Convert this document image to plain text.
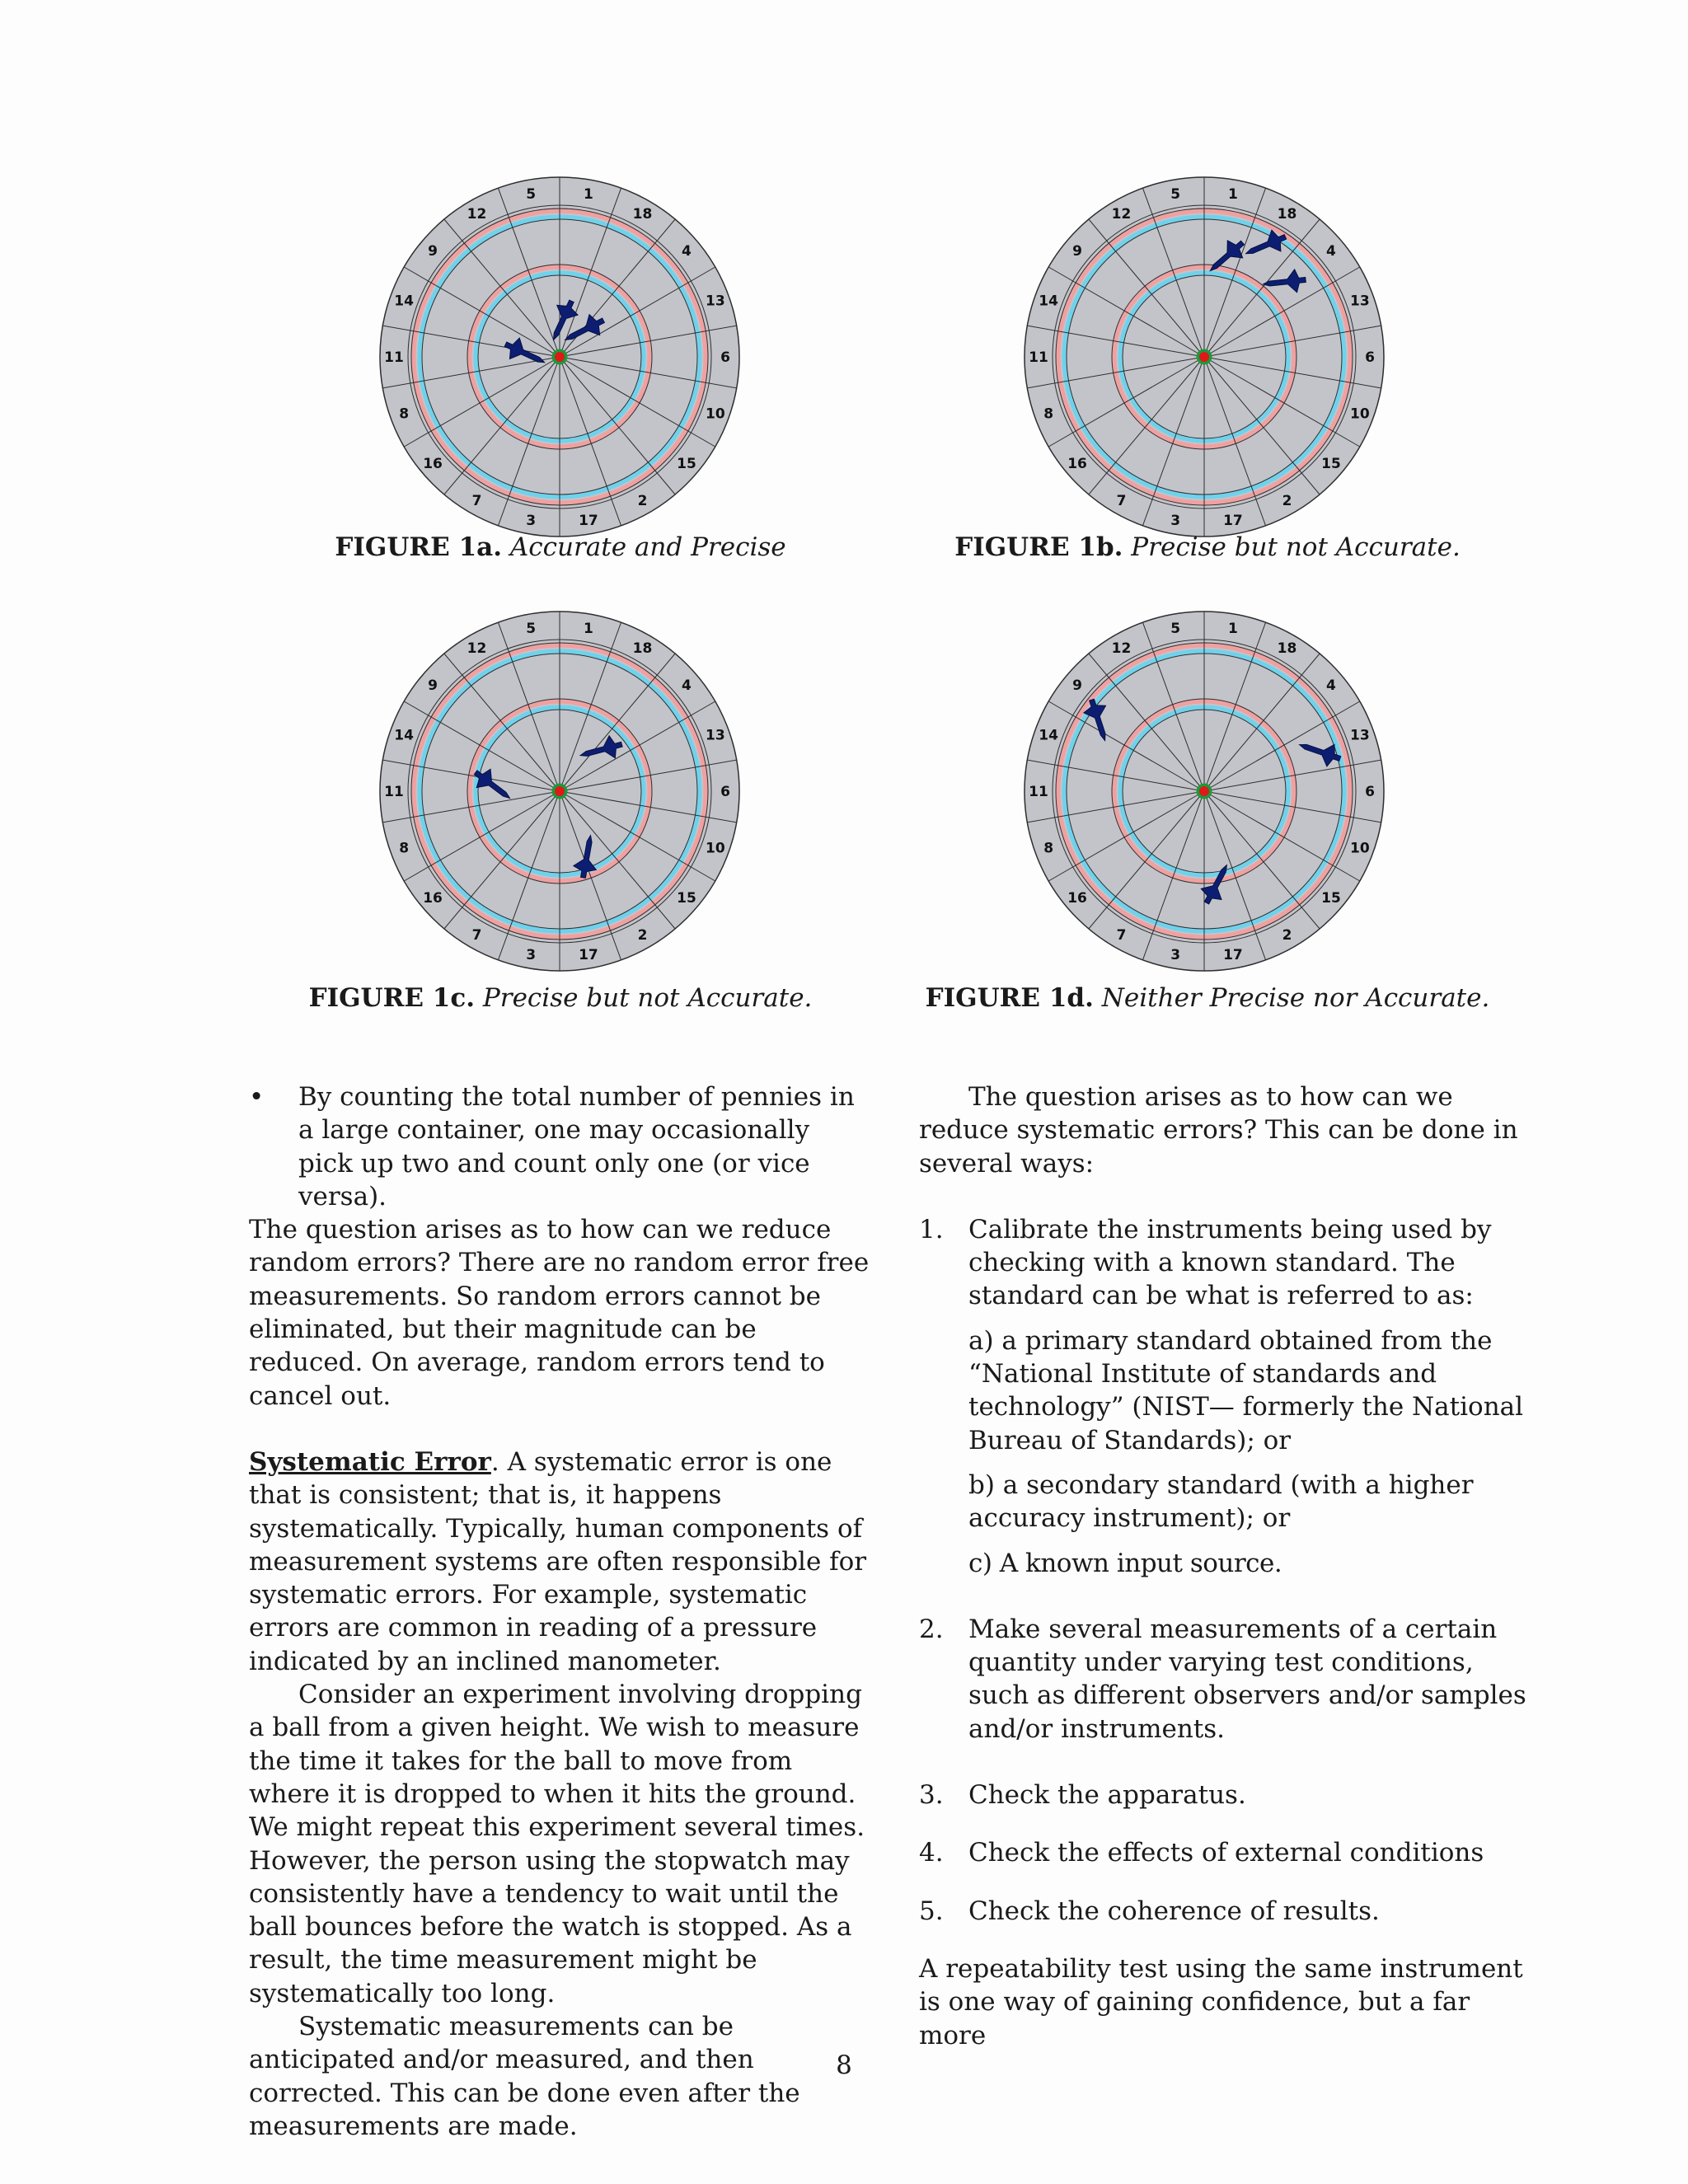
1
18
4
13
6
10
15
2
17
3
7
16
8
11
14
9
12
5
FIGURE 1a. Accurate and Precise
1
18
4
13
6
10
15
2
17
3
7
16
8
11
14
9
12
5
FIGURE 1b. Precise but not Accurate.
1
18
4
13
6
10
15
2
17
3
7
16
8
11
14
9
12
5
FIGURE 1c. Precise but not Accurate.
1
18
4
13
6
10
15
2
17
3
7
16
8
11
14
9
12
5
FIGURE 1d. Neither Precise nor Accurate.
• By counting the total number of pennies in a large container, one may occasionally pick up two and count only one (or vice versa).

The question arises as to how can we reduce random errors? There are no random error free measurements. So random errors cannot be eliminated, but their magnitude can be reduced. On average, random errors tend to cancel out.

Systematic Error. A systematic error is one that is consistent; that is, it happens systematically. Typically, human components of measurement systems are often responsible for systematic errors. For example, systematic errors are common in reading of a pressure indicated by an inclined manometer.

Consider an experiment involving dropping a ball from a given height. We wish to measure the time it takes for the ball to move from where it is dropped to when it hits the ground. We might repeat this experiment several times. However, the person using the stopwatch may consistently have a tendency to wait until the ball bounces before the watch is stopped. As a result, the time measurement might be systematically too long.

Systematic measurements can be anticipated and/or measured, and then corrected. This can be done even after the measurements are made.

The question arises as to how can we reduce systematic errors? This can be done in several ways:

1. Calibrate the instruments being used by checking with a known standard. The standard can be what is referred to as:

a) a primary standard obtained from the “National Institute of standards and technology” (NIST— formerly the National Bureau of Standards); or

b) a secondary standard (with a higher accuracy instrument); or

c) A known input source.

2. Make several measurements of a certain quantity under varying test conditions, such as different observers and/or samples and/or instruments.
3. Check the apparatus.
4. Check the effects of external conditions
5. Check the coherence of results.

A repeatability test using the same instrument is one way of gaining confidence, but a far more

8
